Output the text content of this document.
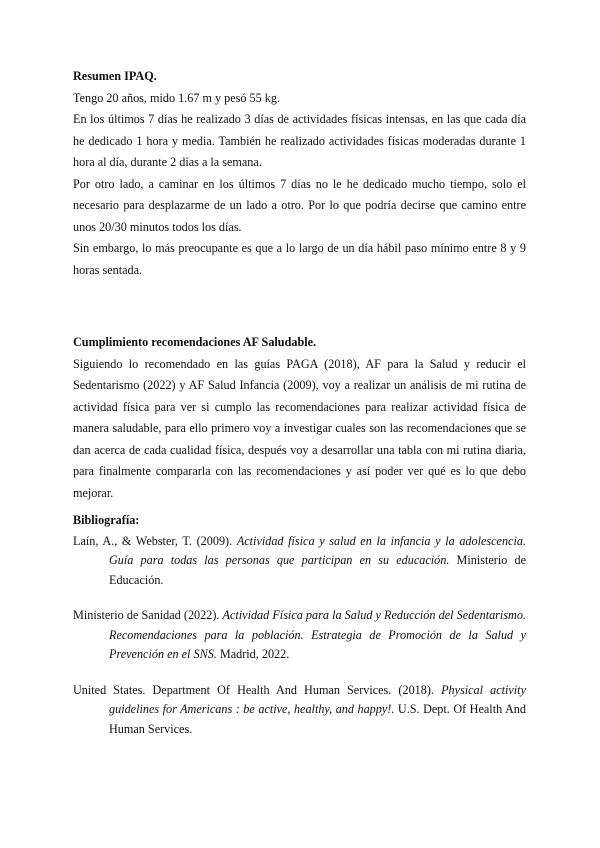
Resumen IPAQ.

Tengo 20 años, mido 1.67 m y pesó 55 kg.

En los últimos 7 días he realizado 3 días de actividades físicas intensas, en las que cada día he dedicado 1 hora y media. También he realizado actividades físicas moderadas durante 1 hora al día, durante 2 días a la semana.

Por otro lado, a caminar en los últimos 7 días no le he dedicado mucho tiempo, solo el necesario para desplazarme de un lado a otro. Por lo que podría decirse que camino entre unos 20/30 minutos todos los días.

Sin embargo, lo más preocupante es que a lo largo de un día hábil paso mínimo entre 8 y 9 horas sentada.

Cumplimiento recomendaciones AF Saludable.

Siguiendo lo recomendado en las guías PAGA (2018), AF para la Salud y reducir el Sedentarismo (2022) y AF Salud Infancia (2009), voy a realizar un análisis de mi rutina de actividad física para ver si cumplo las recomendaciones para realizar actividad física de manera saludable, para ello primero voy a investigar cuales son las recomendaciones que se dan acerca de cada cualidad física, después voy a desarrollar una tabla con mi rutina diaria, para finalmente compararla con las recomendaciones y así poder ver qué es lo que debo mejorar.

Bibliografía:

Laín, A., & Webster, T. (2009). Actividad física y salud en la infancia y la adolescencia. Guía para todas las personas que participan en su educación. Ministerio de Educación.

Ministerio de Sanidad (2022). Actividad Física para la Salud y Reducción del Sedentarismo. Recomendaciones para la población. Estrategia de Promoción de la Salud y Prevención en el SNS. Madrid, 2022.

United States. Department Of Health And Human Services. (2018). Physical activity guidelines for Americans : be active, healthy, and happy!. U.S. Dept. Of Health And Human Services.
